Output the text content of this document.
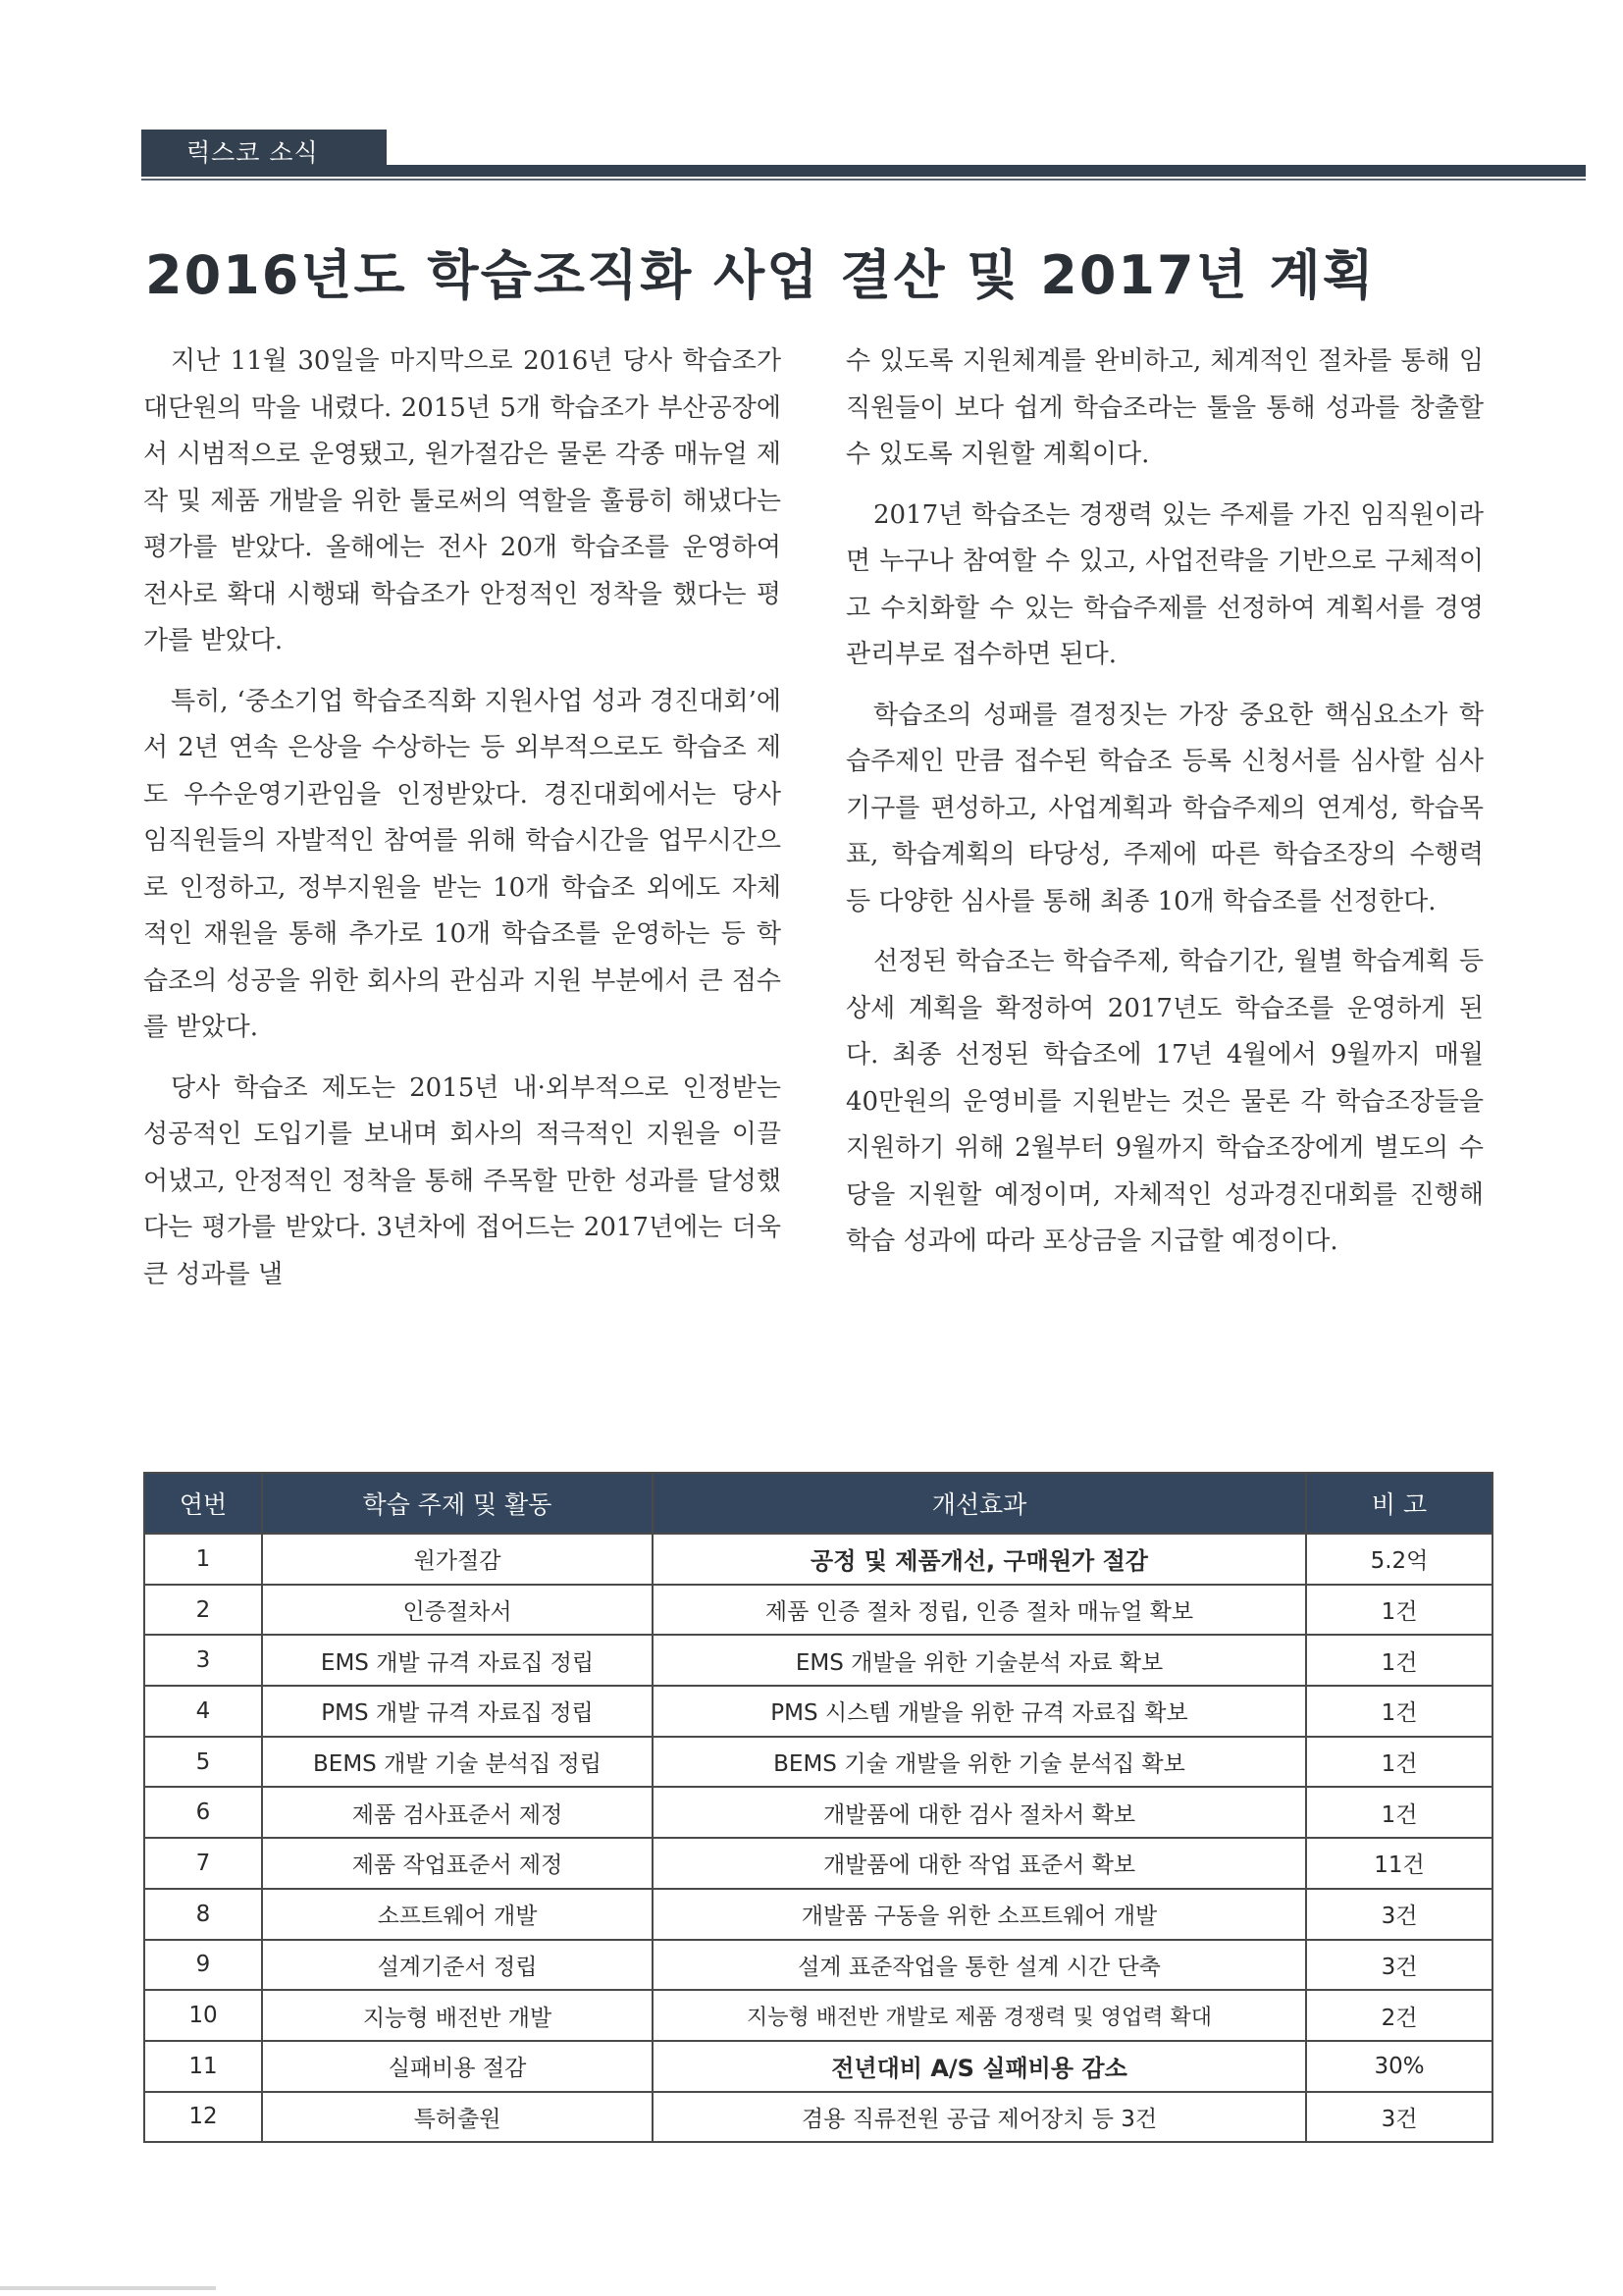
럭스코 소식
2016년도 학습조직화 사업 결산 및 2017년 계획

지난 11월 30일을 마지막으로 2016년 당사 학습조가 대단원의 막을 내렸다. 2015년 5개 학습조가 부산공장에서 시범적으로 운영됐고, 원가절감은 물론 각종 매뉴얼 제작 및 제품 개발을 위한 툴로써의 역할을 훌륭히 해냈다는 평가를 받았다. 올해에는 전사 20개 학습조를 운영하여 전사로 확대 시행돼 학습조가 안정적인 정착을 했다는 평가를 받았다.

특히, ‘중소기업 학습조직화 지원사업 성과 경진대회’에서 2년 연속 은상을 수상하는 등 외부적으로도 학습조 제도 우수운영기관임을 인정받았다. 경진대회에서는 당사 임직원들의 자발적인 참여를 위해 학습시간을 업무시간으로 인정하고, 정부지원을 받는 10개 학습조 외에도 자체적인 재원을 통해 추가로 10개 학습조를 운영하는 등 학습조의 성공을 위한 회사의 관심과 지원 부분에서 큰 점수를 받았다.

당사 학습조 제도는 2015년 내·외부적으로 인정받는 성공적인 도입기를 보내며 회사의 적극적인 지원을 이끌어냈고, 안정적인 정착을 통해 주목할 만한 성과를 달성했다는 평가를 받았다. 3년차에 접어드는 2017년에는 더욱 큰 성과를 낼

수 있도록 지원체계를 완비하고, 체계적인 절차를 통해 임직원들이 보다 쉽게 학습조라는 툴을 통해 성과를 창출할 수 있도록 지원할 계획이다.

2017년 학습조는 경쟁력 있는 주제를 가진 임직원이라면 누구나 참여할 수 있고, 사업전략을 기반으로 구체적이고 수치화할 수 있는 학습주제를 선정하여 계획서를 경영관리부로 접수하면 된다.

학습조의 성패를 결정짓는 가장 중요한 핵심요소가 학습주제인 만큼 접수된 학습조 등록 신청서를 심사할 심사기구를 편성하고, 사업계획과 학습주제의 연계성, 학습목표, 학습계획의 타당성, 주제에 따른 학습조장의 수행력 등 다양한 심사를 통해 최종 10개 학습조를 선정한다.

선정된 학습조는 학습주제, 학습기간, 월별 학습계획 등 상세 계획을 확정하여 2017년도 학습조를 운영하게 된다. 최종 선정된 학습조에 17년 4월에서 9월까지 매월 40만원의 운영비를 지원받는 것은 물론 각 학습조장들을 지원하기 위해 2월부터 9월까지 학습조장에게 별도의 수당을 지원할 예정이며, 자체적인 성과경진대회를 진행해 학습 성과에 따라 포상금을 지급할 예정이다.

연번	학습 주제 및 활동	개선효과	비 고
1	원가절감	공정 및 제품개선, 구매원가 절감	5.2억
2	인증절차서	제품 인증 절차 정립, 인증 절차 매뉴얼 확보	1건
3	EMS 개발 규격 자료집 정립	EMS 개발을 위한 기술분석 자료 확보	1건
4	PMS 개발 규격 자료집 정립	PMS 시스템 개발을 위한 규격 자료집 확보	1건
5	BEMS 개발 기술 분석집 정립	BEMS 기술 개발을 위한 기술 분석집 확보	1건
6	제품 검사표준서 제정	개발품에 대한 검사 절차서 확보	1건
7	제품 작업표준서 제정	개발품에 대한 작업 표준서 확보	11건
8	소프트웨어 개발	개발품 구동을 위한 소프트웨어 개발	3건
9	설계기준서 정립	설계 표준작업을 통한 설계 시간 단축	3건
10	지능형 배전반 개발	지능형 배전반 개발로 제품 경쟁력 및 영업력 확대	2건
11	실패비용 절감	전년대비 A/S 실패비용 감소	30%
12	특허출원	겸용 직류전원 공급 제어장치 등 3건	3건
